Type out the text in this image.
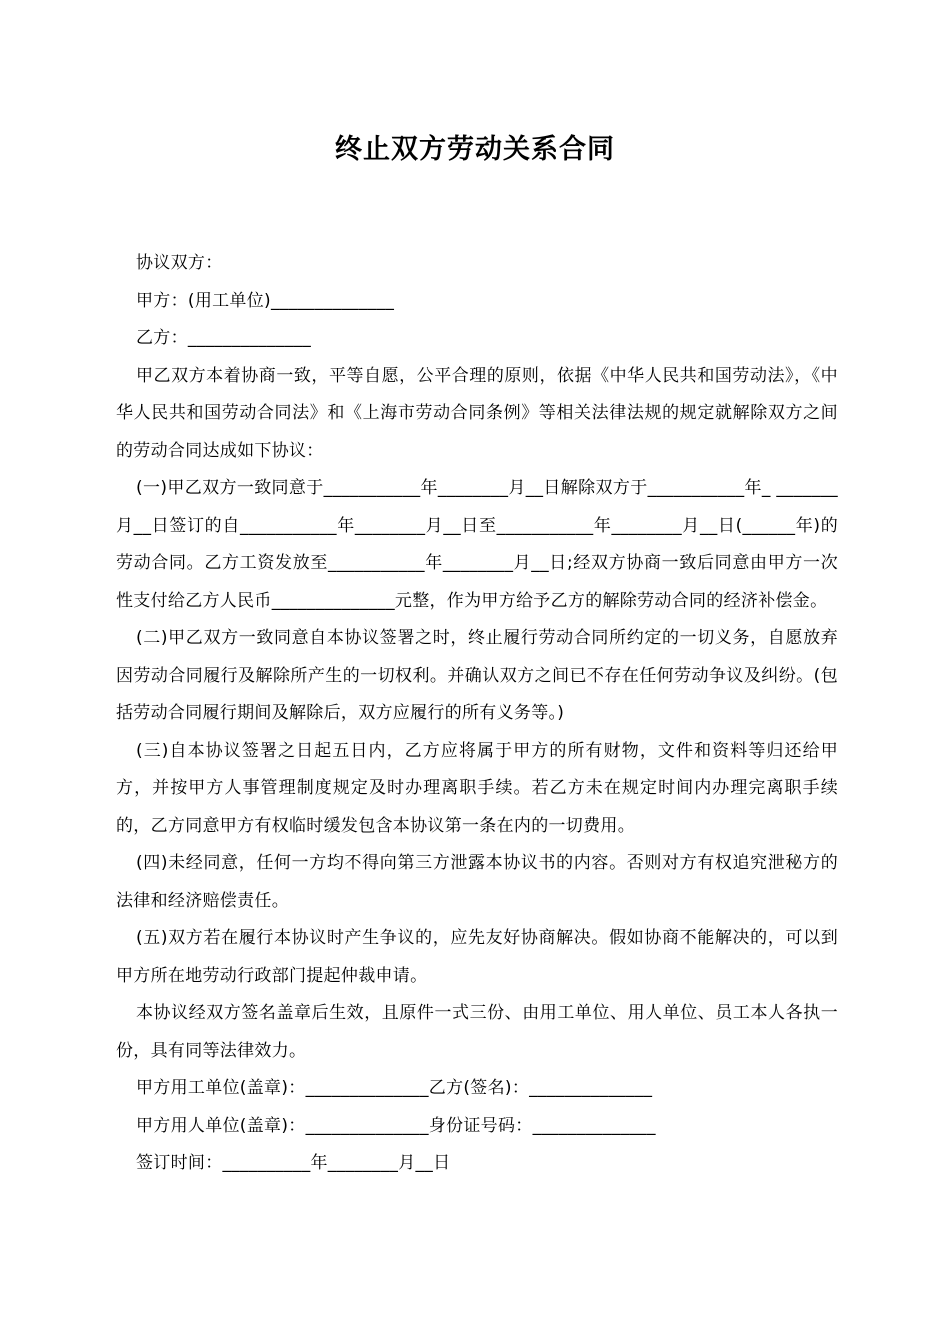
终止双方劳动关系合同
协议双方：
甲方：(用工单位)______________
乙方：______________
甲乙双方本着协商一致，平等自愿，公平合理的原则，依据《中华人民共和国劳动法》，《中华人民共和国劳动合同法》和《上海市劳动合同条例》等相关法律法规的规定就解除双方之间的劳动合同达成如下协议：
(一)甲乙双方一致同意于___________年________月__日解除双方于___________年_ _______月__日签订的自___________年________月__日至___________年________月__日(______年)的劳动合同。乙方工资发放至___________年________月__日;经双方协商一致后同意由甲方一次性支付给乙方人民币______________元整，作为甲方给予乙方的解除劳动合同的经济补偿金。
(二)甲乙双方一致同意自本协议签署之时，终止履行劳动合同所约定的一切义务，自愿放弃因劳动合同履行及解除所产生的一切权利。并确认双方之间已不存在任何劳动争议及纠纷。(包括劳动合同履行期间及解除后，双方应履行的所有义务等。)
(三)自本协议签署之日起五日内，乙方应将属于甲方的所有财物，文件和资料等归还给甲方，并按甲方人事管理制度规定及时办理离职手续。若乙方未在规定时间内办理完离职手续的，乙方同意甲方有权临时缓发包含本协议第一条在内的一切费用。
(四)未经同意，任何一方均不得向第三方泄露本协议书的内容。否则对方有权追究泄秘方的法律和经济赔偿责任。
(五)双方若在履行本协议时产生争议的，应先友好协商解决。假如协商不能解决的，可以到甲方所在地劳动行政部门提起仲裁申请。
本协议经双方签名盖章后生效，且原件一式三份、由用工单位、用人单位、员工本人各执一份，具有同等法律效力。
甲方用工单位(盖章)：______________乙方(签名)：______________
甲方用人单位(盖章)：______________身份证号码：______________
签订时间：__________年________月__日
